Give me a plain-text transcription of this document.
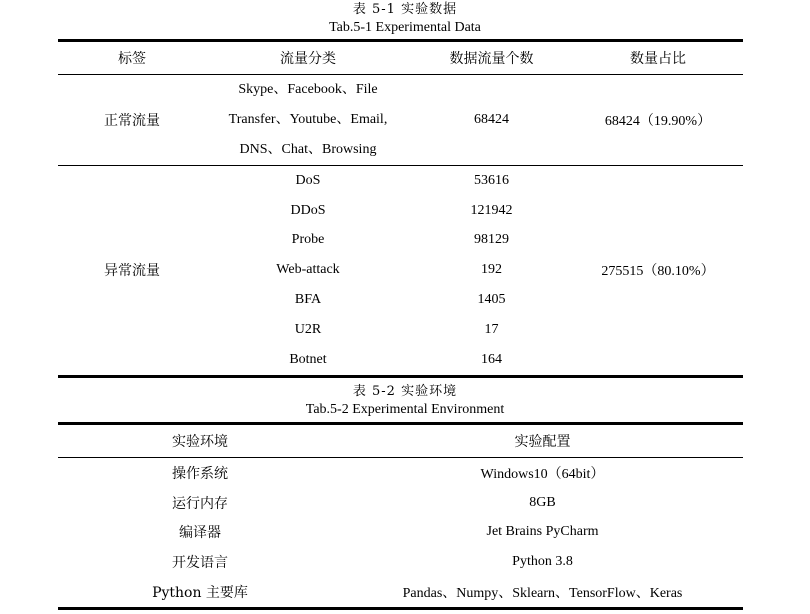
表 5-1 实验数据
Tab.5-1 Experimental Data
标签	流量分类	数据流量个数	数量占比
正常流量	Skype、Facebook、File
Transfer、Youtube、Email,
DNS、Chat、Browsing	68424	68424（19.90%）
异常流量	DoS	53616	275515（80.10%）
	DDoS	121942	
	Probe	98129	
	Web-attack	192	
	BFA	1405	
	U2R	17	
	Botnet	164	
表 5-2 实验环境
Tab.5-2 Experimental Environment
实验环境	实验配置
操作系统	Windows10（64bit）
运行内存	8GB
编译器	Jet Brains PyCharm
开发语言	Python 3.8
Python 主要库	Pandas、Numpy、Sklearn、TensorFlow、Keras
